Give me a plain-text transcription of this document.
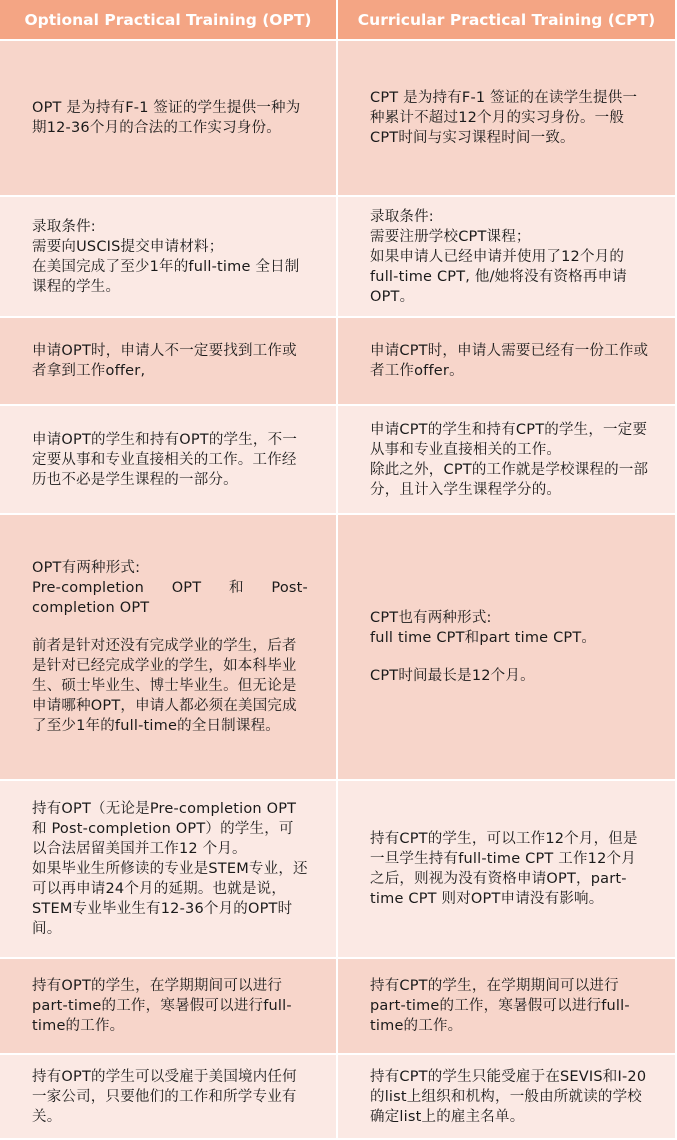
Optional Practical Training (OPT)	Curricular Practical Training (CPT)

OPT 是为持有F-1 签证的学生提供一种为期12-36个月的合法的工作实习身份。

CPT 是为持有F-1 签证的在读学生提供一种累计不超过12个月的实习身份。一般CPT时间与实习课程时间一致。

录取条件:

需要向USCIS提交申请材料；

在美国完成了至少1年的full-time 全日制课程的学生。

录取条件:

需要注册学校CPT课程；

如果申请人已经申请并使用了12个月的full-time CPT, 他/她将没有资格再申请OPT。

申请OPT时，申请人不一定要找到工作或者拿到工作offer,

申请CPT时，申请人需要已经有一份工作或者工作offer。

申请OPT的学生和持有OPT的学生，不一定要从事和专业直接相关的工作。工作经历也不必是学生课程的一部分。

申请CPT的学生和持有CPT的学生，一定要从事和专业直接相关的工作。

除此之外，CPT的工作就是学校课程的一部分，且计入学生课程学分的。

OPT有两种形式:

Pre-completion OPT 和 Post-

completion OPT

前者是针对还没有完成学业的学生，后者是针对已经完成学业的学生，如本科毕业生、硕士毕业生、博士毕业生。但无论是申请哪种OPT，申请人都必须在美国完成了至少1年的full-time的全日制课程。

CPT也有两种形式:

full time CPT和part time CPT。

CPT时间最长是12个月。

持有OPT（无论是Pre-completion OPT 和 Post-completion OPT）的学生，可以合法居留美国并工作12 个月。

如果毕业生所修读的专业是STEM专业，还可以再申请24个月的延期。也就是说，STEM专业毕业生有12-36个月的OPT时间。

持有CPT的学生，可以工作12个月，但是一旦学生持有full-time CPT 工作12个月之后，则视为没有资格申请OPT，part-time CPT 则对OPT申请没有影响。

持有OPT的学生，在学期期间可以进行part-time的工作，寒暑假可以进行full-time的工作。

持有CPT的学生，在学期期间可以进行part-time的工作，寒暑假可以进行full-time的工作。

持有OPT的学生可以受雇于美国境内任何一家公司，只要他们的工作和所学专业有关。

持有CPT的学生只能受雇于在SEVIS和I-20 的list上组织和机构，一般由所就读的学校确定list上的雇主名单。
